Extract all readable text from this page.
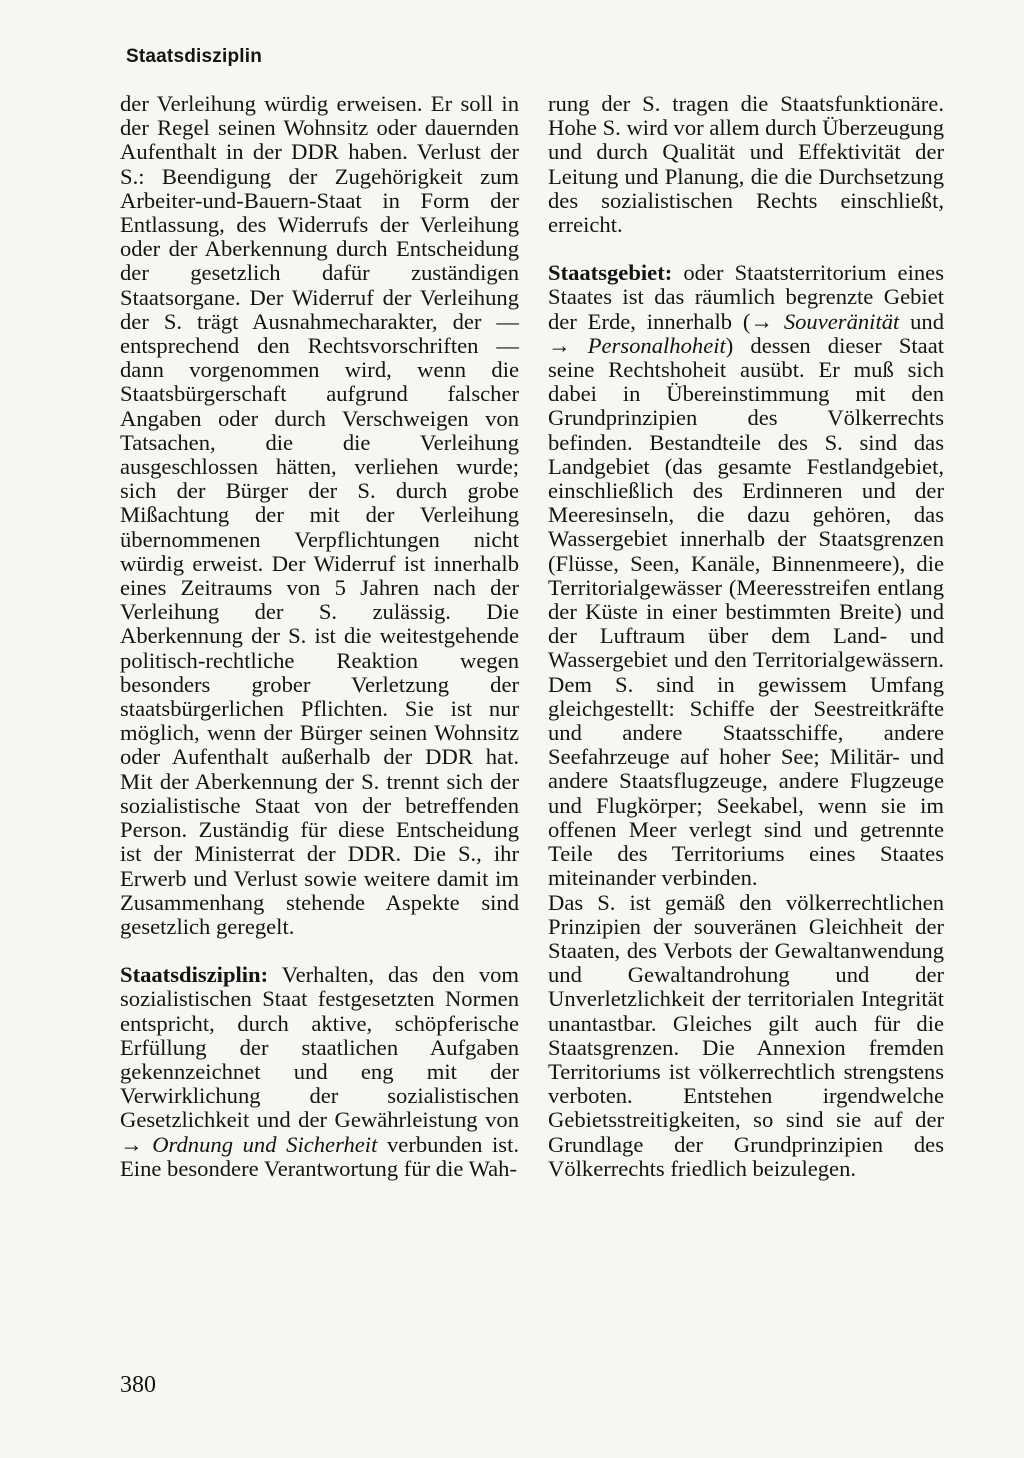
Staatsdisziplin

der Verleihung würdig erweisen. Er soll in der Regel seinen Wohnsitz oder dauernden Aufenthalt in der DDR haben. Verlust der S.: Beendigung der Zugehörigkeit zum Arbeiter-und-Bauern-Staat in Form der Entlassung, des Widerrufs der Verleihung oder der Aberkennung durch Entscheidung der gesetzlich dafür zuständigen Staatsorgane. Der Widerruf der Verleihung der S. trägt Ausnahmecharakter, der — entsprechend den Rechtsvorschriften — dann vorgenommen wird, wenn die Staatsbürgerschaft aufgrund falscher Angaben oder durch Verschweigen von Tatsachen, die die Verleihung ausgeschlossen hätten, verliehen wurde; sich der Bürger der S. durch grobe Mißachtung der mit der Verleihung übernommenen Verpflichtungen nicht würdig erweist. Der Widerruf ist innerhalb eines Zeitraums von 5 Jahren nach der Verleihung der S. zulässig. Die Aberkennung der S. ist die weitestgehende politisch-rechtliche Reaktion wegen besonders grober Verletzung der staatsbürgerlichen Pflichten. Sie ist nur möglich, wenn der Bürger seinen Wohnsitz oder Aufenthalt außerhalb der DDR hat. Mit der Aberkennung der S. trennt sich der sozialistische Staat von der betreffenden Person. Zuständig für diese Entscheidung ist der Ministerrat der DDR. Die S., ihr Erwerb und Verlust sowie weitere damit im Zusammenhang stehende Aspekte sind gesetzlich geregelt.

Staatsdisziplin: Verhalten, das den vom sozialistischen Staat festgesetzten Normen entspricht, durch aktive, schöpferische Erfüllung der staatlichen Aufgaben gekennzeichnet und eng mit der Verwirklichung der sozialistischen Gesetzlichkeit und der Gewährleistung von → Ordnung und Sicherheit verbunden ist. Eine besondere Verantwortung für die Wah-

rung der S. tragen die Staatsfunktionäre. Hohe S. wird vor allem durch Überzeugung und durch Qualität und Effektivität der Leitung und Planung, die die Durchsetzung des sozialistischen Rechts einschließt, erreicht.

Staatsgebiet: oder Staatsterritorium eines Staates ist das räumlich begrenzte Gebiet der Erde, innerhalb (→ Souveränität und → Personalhoheit) dessen dieser Staat seine Rechtshoheit ausübt. Er muß sich dabei in Übereinstimmung mit den Grundprinzipien des Völkerrechts befinden. Bestandteile des S. sind das Landgebiet (das gesamte Festlandgebiet, einschließlich des Erdinneren und der Meeresinseln, die dazu gehören, das Wassergebiet innerhalb der Staatsgrenzen (Flüsse, Seen, Kanäle, Binnenmeere), die Territorialgewässer (Meeresstreifen entlang der Küste in einer bestimmten Breite) und der Luftraum über dem Land- und Wassergebiet und den Territorialgewässern. Dem S. sind in gewissem Umfang gleichgestellt: Schiffe der Seestreitkräfte und andere Staatsschiffe, andere Seefahrzeuge auf hoher See; Militär- und andere Staatsflugzeuge, andere Flugzeuge und Flugkörper; Seekabel, wenn sie im offenen Meer verlegt sind und getrennte Teile des Territoriums eines Staates miteinander verbinden.

Das S. ist gemäß den völkerrechtlichen Prinzipien der souveränen Gleichheit der Staaten, des Verbots der Gewaltanwendung und Gewaltandrohung und der Unverletzlichkeit der territorialen Integrität unantastbar. Gleiches gilt auch für die Staatsgrenzen. Die Annexion fremden Territoriums ist völkerrechtlich strengstens verboten. Entstehen irgendwelche Gebietsstreitigkeiten, so sind sie auf der Grundlage der Grundprinzipien des Völkerrechts friedlich beizulegen.

380
